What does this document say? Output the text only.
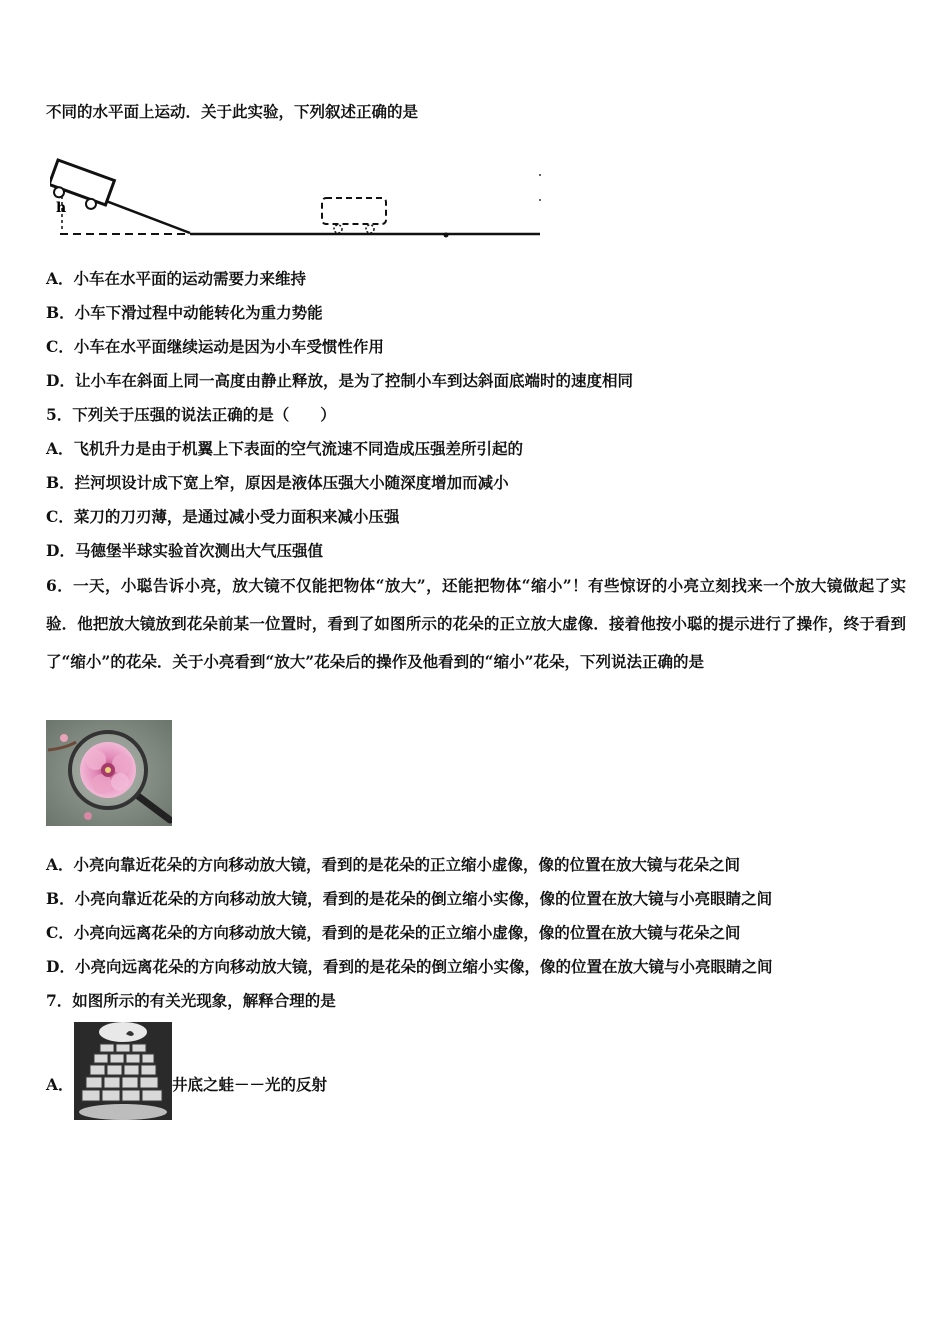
不同的水平面上运动．关于此实验，下列叙述正确的是
h
A．小车在水平面的运动需要力来维持
B．小车下滑过程中动能转化为重力势能
C．小车在水平面继续运动是因为小车受惯性作用
D．让小车在斜面上同一高度由静止释放，是为了控制小车到达斜面底端时的速度相同
5．下列关于压强的说法正确的是（　　）
A．飞机升力是由于机翼上下表面的空气流速不同造成压强差所引起的
B．拦河坝设计成下宽上窄，原因是液体压强大小随深度增加而减小
C．菜刀的刀刃薄，是通过减小受力面积来减小压强
D．马德堡半球实验首次测出大气压强值
6．一天，小聪告诉小亮，放大镜不仅能把物体“放大”，还能把物体“缩小”！有些惊讶的小亮立刻找来一个放大镜做起了实验．他把放大镜放到花朵前某一位置时，看到了如图所示的花朵的正立放大虚像．接着他按小聪的提示进行了操作，终于看到了“缩小”的花朵．关于小亮看到“放大”花朵后的操作及他看到的“缩小”花朵，下列说法正确的是
A．小亮向靠近花朵的方向移动放大镜，看到的是花朵的正立缩小虚像，像的位置在放大镜与花朵之间
B．小亮向靠近花朵的方向移动放大镜，看到的是花朵的倒立缩小实像，像的位置在放大镜与小亮眼睛之间
C．小亮向远离花朵的方向移动放大镜，看到的是花朵的正立缩小虚像，像的位置在放大镜与花朵之间
D．小亮向远离花朵的方向移动放大镜，看到的是花朵的倒立缩小实像，像的位置在放大镜与小亮眼睛之间
7．如图所示的有关光现象，解释合理的是
A．	井底之蛙－－光的反射
